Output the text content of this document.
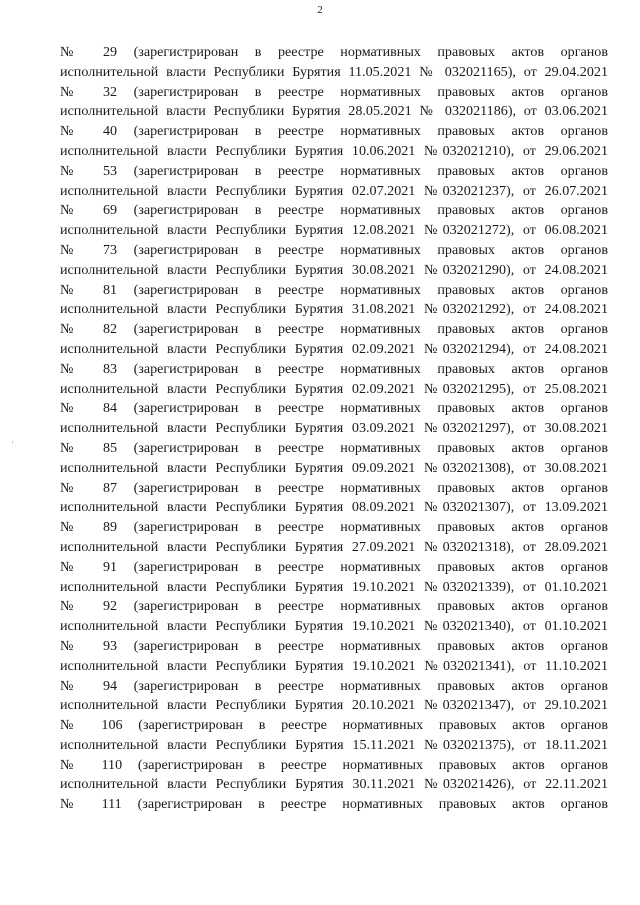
2
'
№ 29 (зарегистрирован в реестре нормативных правовых актов органов
исполнительной власти Республики Бурятия 11.05.2021 № 032021165), от 29.04.2021
№ 32 (зарегистрирован в реестре нормативных правовых актов органов
исполнительной власти Республики Бурятия 28.05.2021 № 032021186), от 03.06.2021
№ 40 (зарегистрирован в реестре нормативных правовых актов органов
исполнительной власти Республики Бурятия 10.06.2021 №032021210), от 29.06.2021
№ 53 (зарегистрирован в реестре нормативных правовых актов органов
исполнительной власти Республики Бурятия 02.07.2021 №032021237), от 26.07.2021
№ 69 (зарегистрирован в реестре нормативных правовых актов органов
исполнительной власти Республики Бурятия 12.08.2021 №032021272), от 06.08.2021
№ 73 (зарегистрирован в реестре нормативных правовых актов органов
исполнительной власти Республики Бурятия 30.08.2021 №032021290), от 24.08.2021
№ 81 (зарегистрирован в реестре нормативных правовых актов органов
исполнительной власти Республики Бурятия 31.08.2021 №032021292), от 24.08.2021
№ 82 (зарегистрирован в реестре нормативных правовых актов органов
исполнительной власти Республики Бурятия 02.09.2021 №032021294), от 24.08.2021
№ 83 (зарегистрирован в реестре нормативных правовых актов органов
исполнительной власти Республики Бурятия 02.09.2021 №032021295), от 25.08.2021
№ 84 (зарегистрирован в реестре нормативных правовых актов органов
исполнительной власти Республики Бурятия 03.09.2021 №032021297), от 30.08.2021
№ 85 (зарегистрирован в реестре нормативных правовых актов органов
исполнительной власти Республики Бурятия 09.09.2021 №032021308), от 30.08.2021
№ 87 (зарегистрирован в реестре нормативных правовых актов органов
исполнительной власти Республики Бурятия 08.09.2021 №032021307), от 13.09.2021
№ 89 (зарегистрирован в реестре нормативных правовых актов органов
исполнительной власти Республики Бурятия 27.09.2021 №032021318), от 28.09.2021
№ 91 (зарегистрирован в реестре нормативных правовых актов органов
исполнительной власти Республики Бурятия 19.10.2021 №032021339), от 01.10.2021
№ 92 (зарегистрирован в реестре нормативных правовых актов органов
исполнительной власти Республики Бурятия 19.10.2021 №032021340), от 01.10.2021
№ 93 (зарегистрирован в реестре нормативных правовых актов органов
исполнительной власти Республики Бурятия 19.10.2021 №032021341), от 11.10.2021
№ 94 (зарегистрирован в реестре нормативных правовых актов органов
исполнительной власти Республики Бурятия 20.10.2021 №032021347), от 29.10.2021
№ 106 (зарегистрирован в реестре нормативных правовых актов органов
исполнительной власти Республики Бурятия 15.11.2021 №032021375), от 18.11.2021
№ 110 (зарегистрирован в реестре нормативных правовых актов органов
исполнительной власти Республики Бурятия 30.11.2021 №032021426), от 22.11.2021
№ 111 (зарегистрирован в реестре нормативных правовых актов органов
